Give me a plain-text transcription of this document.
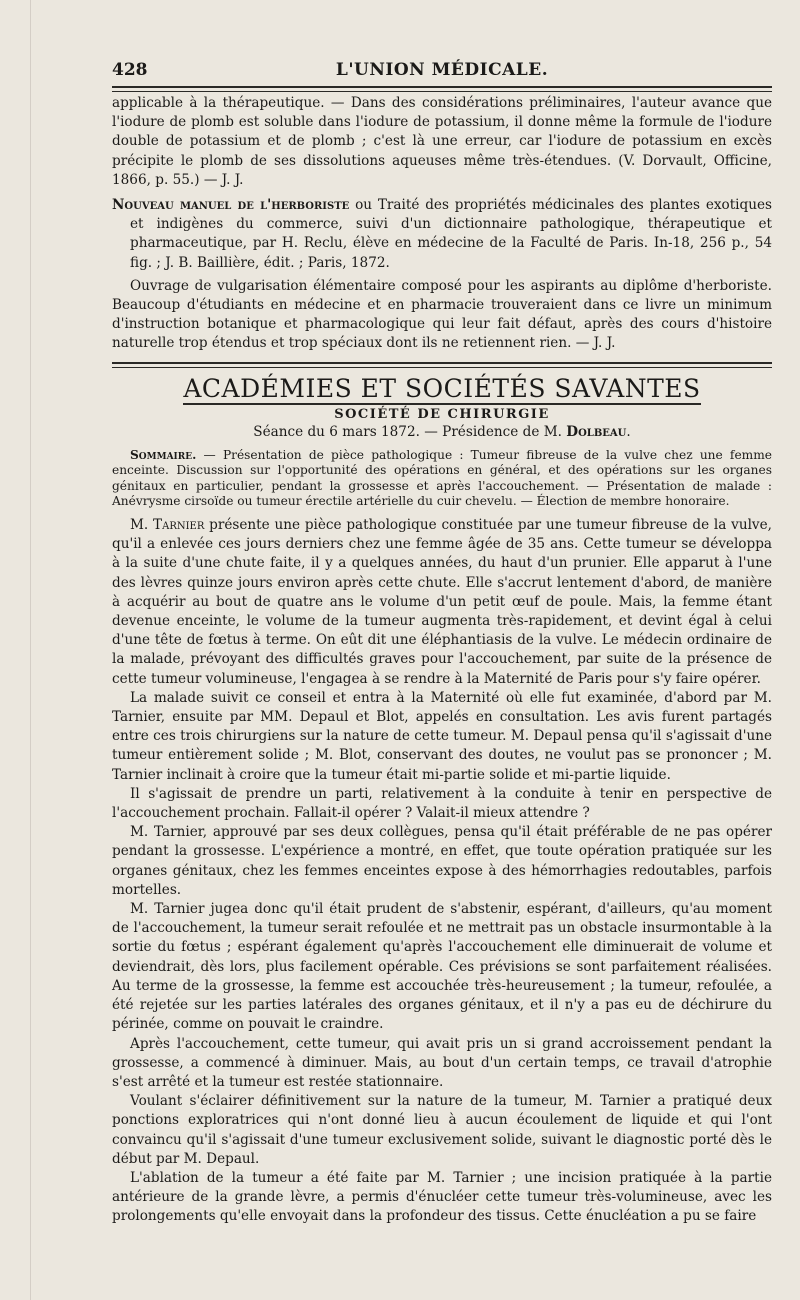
428	L'UNION MÉDICALE.

applicable à la thérapeutique. — Dans des considérations préliminaires, l'auteur avance que l'iodure de plomb est soluble dans l'iodure de potassium, il donne même la formule de l'iodure double de potassium et de plomb ; c'est là une erreur, car l'iodure de potassium en excès précipite le plomb de ses dissolutions aqueuses même très-étendues. (V. Dorvault, Officine, 1866, p. 55.) — J. J.

Nouveau manuel de l'herboriste ou Traité des propriétés médicinales des plantes exotiques et indigènes du commerce, suivi d'un dictionnaire pathologique, thérapeutique et pharmaceutique, par H. Reclu, élève en médecine de la Faculté de Paris. In-18, 256 p., 54 fig. ; J. B. Baillière, édit. ; Paris, 1872.

Ouvrage de vulgarisation élémentaire composé pour les aspirants au diplôme d'herboriste. Beaucoup d'étudiants en médecine et en pharmacie trouveraient dans ce livre un minimum d'instruction botanique et pharmacologique qui leur fait défaut, après des cours d'histoire naturelle trop étendus et trop spéciaux dont ils ne retiennent rien. — J. J.

ACADÉMIES ET SOCIÉTÉS SAVANTES
SOCIÉTÉ DE CHIRURGIE
Séance du 6 mars 1872. — Présidence de M. Dolbeau.

Sommaire. — Présentation de pièce pathologique : Tumeur fibreuse de la vulve chez une femme enceinte. Discussion sur l'opportunité des opérations en général, et des opérations sur les organes génitaux en particulier, pendant la grossesse et après l'accouchement. — Présentation de malade : Anévrysme cirsoïde ou tumeur érectile artérielle du cuir chevelu. — Élection de membre honoraire.

M. Tarnier présente une pièce pathologique constituée par une tumeur fibreuse de la vulve, qu'il a enlevée ces jours derniers chez une femme âgée de 35 ans. Cette tumeur se développa à la suite d'une chute faite, il y a quelques années, du haut d'un prunier. Elle apparut à l'une des lèvres quinze jours environ après cette chute. Elle s'accrut lentement d'abord, de manière à acquérir au bout de quatre ans le volume d'un petit œuf de poule. Mais, la femme étant devenue enceinte, le volume de la tumeur augmenta très-rapidement, et devint égal à celui d'une tête de fœtus à terme. On eût dit une éléphantiasis de la vulve. Le médecin ordinaire de la malade, prévoyant des difficultés graves pour l'accouchement, par suite de la présence de cette tumeur volumineuse, l'engagea à se rendre à la Maternité de Paris pour s'y faire opérer.

La malade suivit ce conseil et entra à la Maternité où elle fut examinée, d'abord par M. Tarnier, ensuite par MM. Depaul et Blot, appelés en consultation. Les avis furent partagés entre ces trois chirurgiens sur la nature de cette tumeur. M. Depaul pensa qu'il s'agissait d'une tumeur entièrement solide ; M. Blot, conservant des doutes, ne voulut pas se prononcer ; M. Tarnier inclinait à croire que la tumeur était mi-partie solide et mi-partie liquide.

Il s'agissait de prendre un parti, relativement à la conduite à tenir en perspective de l'accouchement prochain. Fallait-il opérer ? Valait-il mieux attendre ?

M. Tarnier, approuvé par ses deux collègues, pensa qu'il était préférable de ne pas opérer pendant la grossesse. L'expérience a montré, en effet, que toute opération pratiquée sur les organes génitaux, chez les femmes enceintes expose à des hémorrhagies redoutables, parfois mortelles.

M. Tarnier jugea donc qu'il était prudent de s'abstenir, espérant, d'ailleurs, qu'au moment de l'accouchement, la tumeur serait refoulée et ne mettrait pas un obstacle insurmontable à la sortie du fœtus ; espérant également qu'après l'accouchement elle diminuerait de volume et deviendrait, dès lors, plus facilement opérable. Ces prévisions se sont parfaitement réalisées. Au terme de la grossesse, la femme est accouchée très-heureusement ; la tumeur, refoulée, a été rejetée sur les parties latérales des organes génitaux, et il n'y a pas eu de déchirure du périnée, comme on pouvait le craindre.

Après l'accouchement, cette tumeur, qui avait pris un si grand accroissement pendant la grossesse, a commencé à diminuer. Mais, au bout d'un certain temps, ce travail d'atrophie s'est arrêté et la tumeur est restée stationnaire.

Voulant s'éclairer définitivement sur la nature de la tumeur, M. Tarnier a pratiqué deux ponctions exploratrices qui n'ont donné lieu à aucun écoulement de liquide et qui l'ont convaincu qu'il s'agissait d'une tumeur exclusivement solide, suivant le diagnostic porté dès le début par M. Depaul.

L'ablation de la tumeur a été faite par M. Tarnier ; une incision pratiquée à la partie antérieure de la grande lèvre, a permis d'énucléer cette tumeur très-volumineuse, avec les prolongements qu'elle envoyait dans la profondeur des tissus. Cette énucléation a pu se faire
